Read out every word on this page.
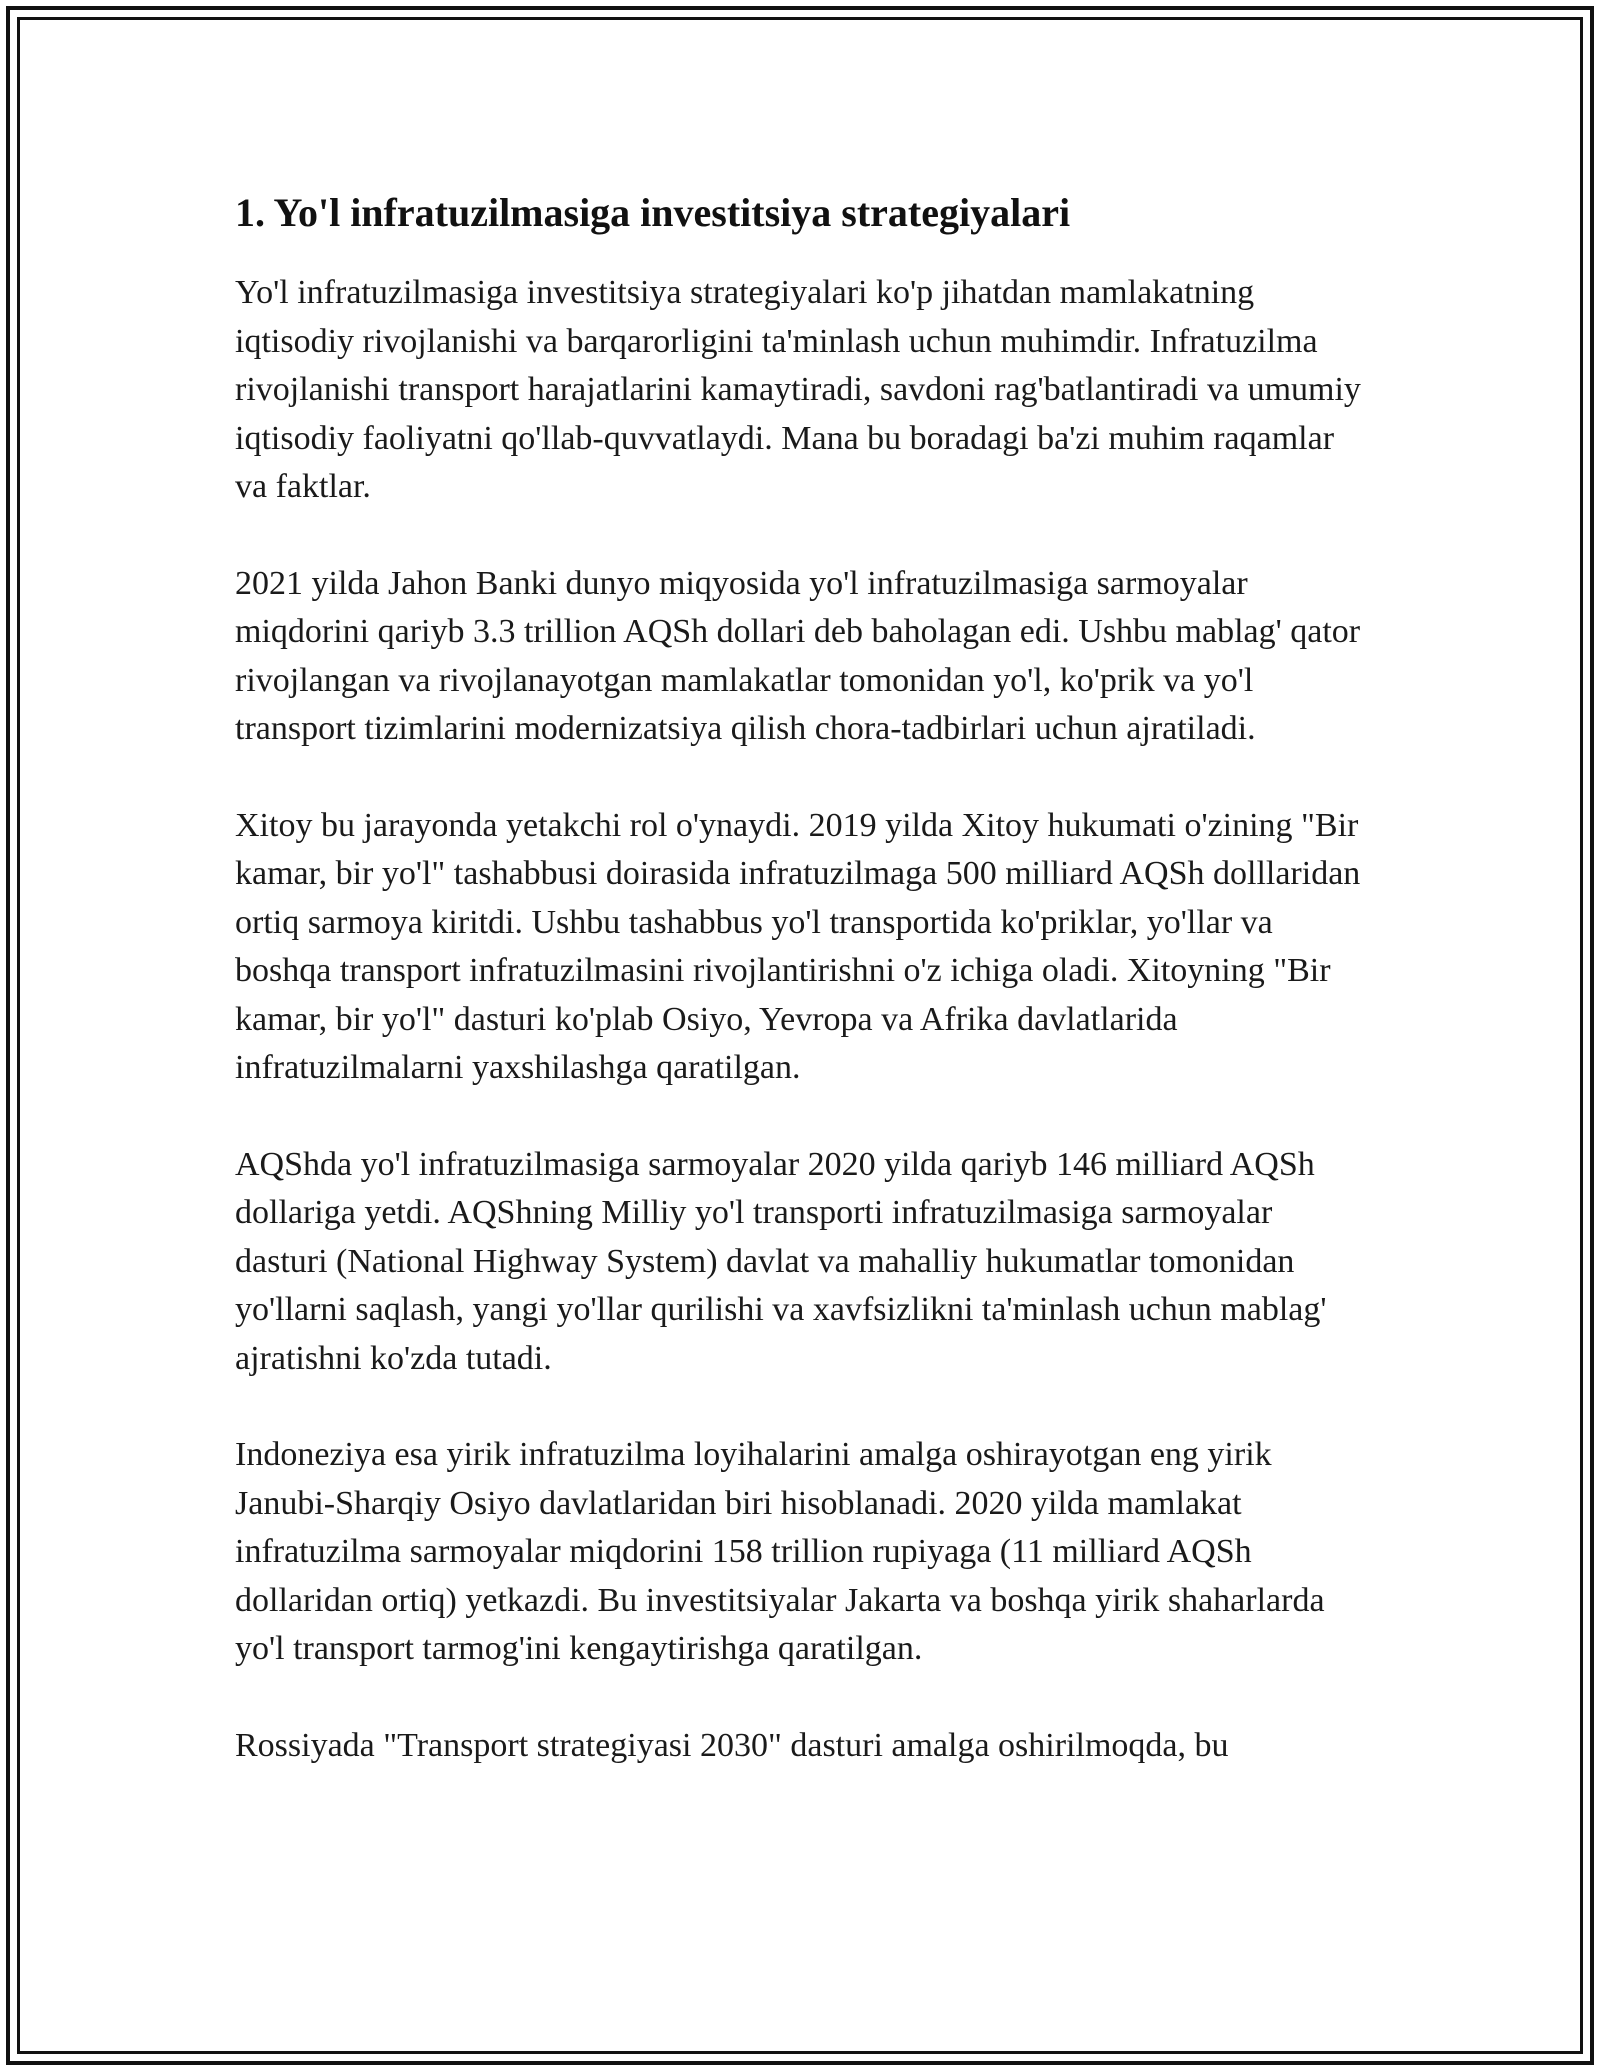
1. Yo'l infratuzilmasiga investitsiya strategiyalari

Yo'l infratuzilmasiga investitsiya strategiyalari ko'p jihatdan mamlakatning iqtisodiy rivojlanishi va barqarorligini ta'minlash uchun muhimdir. Infratuzilma rivojlanishi transport harajatlarini kamaytiradi, savdoni rag'batlantiradi va umumiy iqtisodiy faoliyatni qo'llab-quvvatlaydi. Mana bu boradagi ba'zi muhim raqamlar va faktlar.

2021 yilda Jahon Banki dunyo miqyosida yo'l infratuzilmasiga sarmoyalar miqdorini qariyb 3.3 trillion AQSh dollari deb baholagan edi. Ushbu mablag' qator rivojlangan va rivojlanayotgan mamlakatlar tomonidan yo'l, ko'prik va yo'l transport tizimlarini modernizatsiya qilish chora-tadbirlari uchun ajratiladi.

Xitoy bu jarayonda yetakchi rol o'ynaydi. 2019 yilda Xitoy hukumati o'zining "Bir kamar, bir yo'l" tashabbusi doirasida infratuzilmaga 500 milliard AQSh dolllaridan ortiq sarmoya kiritdi. Ushbu tashabbus yo'l transportida ko'priklar, yo'llar va boshqa transport infratuzilmasini rivojlantirishni o'z ichiga oladi. Xitoyning "Bir kamar, bir yo'l" dasturi ko'plab Osiyo, Yevropa va Afrika davlatlarida infratuzilmalarni yaxshilashga qaratilgan.

AQShda yo'l infratuzilmasiga sarmoyalar 2020 yilda qariyb 146 milliard AQSh dollariga yetdi. AQShning Milliy yo'l transporti infratuzilmasiga sarmoyalar dasturi (National Highway System) davlat va mahalliy hukumatlar tomonidan yo'llarni saqlash, yangi yo'llar qurilishi va xavfsizlikni ta'minlash uchun mablag' ajratishni ko'zda tutadi.

Indoneziya esa yirik infratuzilma loyihalarini amalga oshirayotgan eng yirik Janubi-Sharqiy Osiyo davlatlaridan biri hisoblanadi. 2020 yilda mamlakat infratuzilma sarmoyalar miqdorini 158 trillion rupiyaga (11 milliard AQSh dollaridan ortiq) yetkazdi. Bu investitsiyalar Jakarta va boshqa yirik shaharlarda yo'l transport tarmog'ini kengaytirishga qaratilgan.

Rossiyada "Transport strategiyasi 2030" dasturi amalga oshirilmoqda, bu
